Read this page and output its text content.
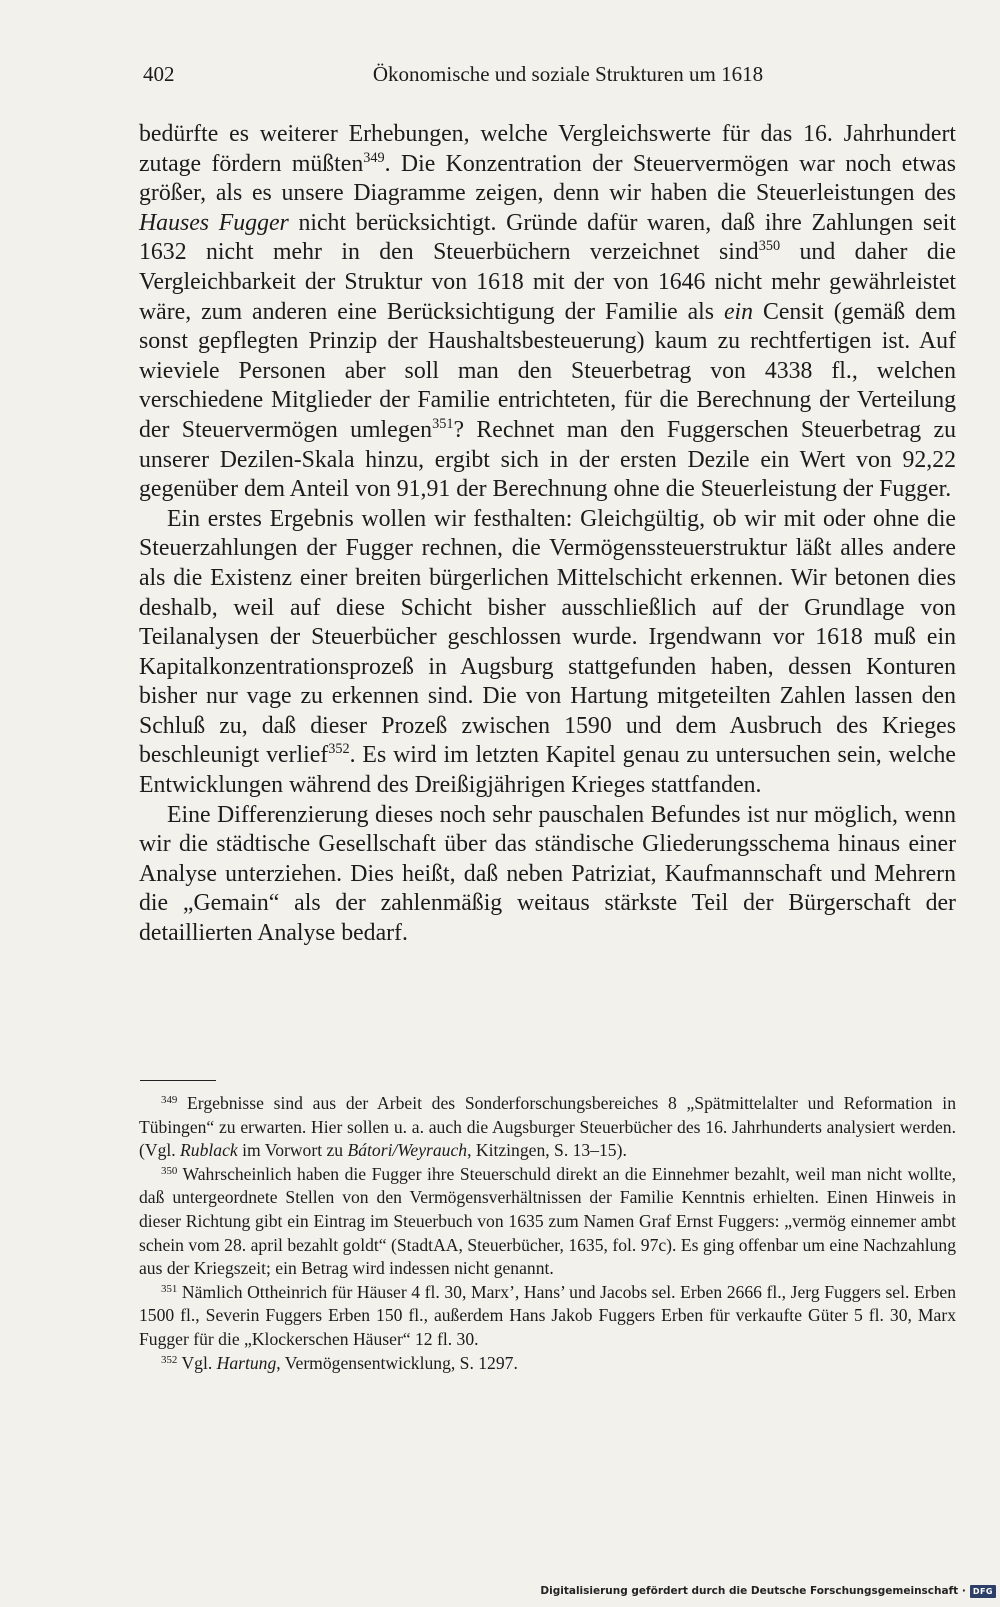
402	Ökonomische und soziale Strukturen um 1618

bedürfte es weiterer Erhebungen, welche Vergleichswerte für das 16. Jahrhundert zutage fördern müßten$^{349}$. Die Konzentration der Steuervermögen war noch etwas größer, als es unsere Diagramme zeigen, denn wir haben die Steuerleistungen des Hauses Fugger nicht berücksichtigt. Gründe dafür waren, daß ihre Zahlungen seit 1632 nicht mehr in den Steuerbüchern verzeichnet sind$^{350}$ und daher die Vergleichbarkeit der Struktur von 1618 mit der von 1646 nicht mehr gewährleistet wäre, zum anderen eine Berücksichtigung der Familie als ein Censit (gemäß dem sonst gepflegten Prinzip der Haushaltsbesteuerung) kaum zu rechtfertigen ist. Auf wieviele Personen aber soll man den Steuerbetrag von 4338 fl., welchen verschiedene Mitglieder der Familie entrichteten, für die Berechnung der Verteilung der Steuervermögen umlegen$^{351}$? Rechnet man den Fuggerschen Steuerbetrag zu unserer Dezilen-Skala hinzu, ergibt sich in der ersten Dezile ein Wert von 92,22 gegenüber dem Anteil von 91,91 der Berechnung ohne die Steuerleistung der Fugger.

Ein erstes Ergebnis wollen wir festhalten: Gleichgültig, ob wir mit oder ohne die Steuerzahlungen der Fugger rechnen, die Vermögenssteuerstruktur läßt alles andere als die Existenz einer breiten bürgerlichen Mittelschicht erkennen. Wir betonen dies deshalb, weil auf diese Schicht bisher ausschließlich auf der Grundlage von Teilanalysen der Steuerbücher geschlossen wurde. Irgendwann vor 1618 muß ein Kapitalkonzentrationsprozeß in Augsburg stattgefunden haben, dessen Konturen bisher nur vage zu erkennen sind. Die von Hartung mitgeteilten Zahlen lassen den Schluß zu, daß dieser Prozeß zwischen 1590 und dem Ausbruch des Krieges beschleunigt verlief$^{352}$. Es wird im letzten Kapitel genau zu untersuchen sein, welche Entwicklungen während des Dreißigjährigen Krieges stattfanden.

Eine Differenzierung dieses noch sehr pauschalen Befundes ist nur möglich, wenn wir die städtische Gesellschaft über das ständische Gliederungsschema hinaus einer Analyse unterziehen. Dies heißt, daß neben Patriziat, Kaufmannschaft und Mehrern die „Gemain“ als der zahlenmäßig weitaus stärkste Teil der Bürgerschaft der detaillierten Analyse bedarf.

$^{349}$ Ergebnisse sind aus der Arbeit des Sonderforschungsbereiches 8 „Spätmittelalter und Reformation in Tübingen“ zu erwarten. Hier sollen u. a. auch die Augsburger Steuerbücher des 16. Jahrhunderts analysiert werden. (Vgl. Rublack im Vorwort zu Bátori/Weyrauch, Kitzingen, S. 13–15).

$^{350}$ Wahrscheinlich haben die Fugger ihre Steuerschuld direkt an die Einnehmer bezahlt, weil man nicht wollte, daß untergeordnete Stellen von den Vermögensverhältnissen der Familie Kenntnis erhielten. Einen Hinweis in dieser Richtung gibt ein Eintrag im Steuerbuch von 1635 zum Namen Graf Ernst Fuggers: „vermög einnemer ambt schein vom 28. april bezahlt goldt“ (StadtAA, Steuerbücher, 1635, fol. 97c). Es ging offenbar um eine Nachzahlung aus der Kriegszeit; ein Betrag wird indessen nicht genannt.

$^{351}$ Nämlich Ottheinrich für Häuser 4 fl. 30, Marx’, Hans’ und Jacobs sel. Erben 2666 fl., Jerg Fuggers sel. Erben 1500 fl., Severin Fuggers Erben 150 fl., außerdem Hans Jakob Fuggers Erben für verkaufte Güter 5 fl. 30, Marx Fugger für die „Klockerschen Häuser“ 12 fl. 30.

$^{352}$ Vgl. Hartung, Vermögensentwicklung, S. 1297.

Digitalisierung gefördert durch die Deutsche Forschungsgemeinschaft · DFG
